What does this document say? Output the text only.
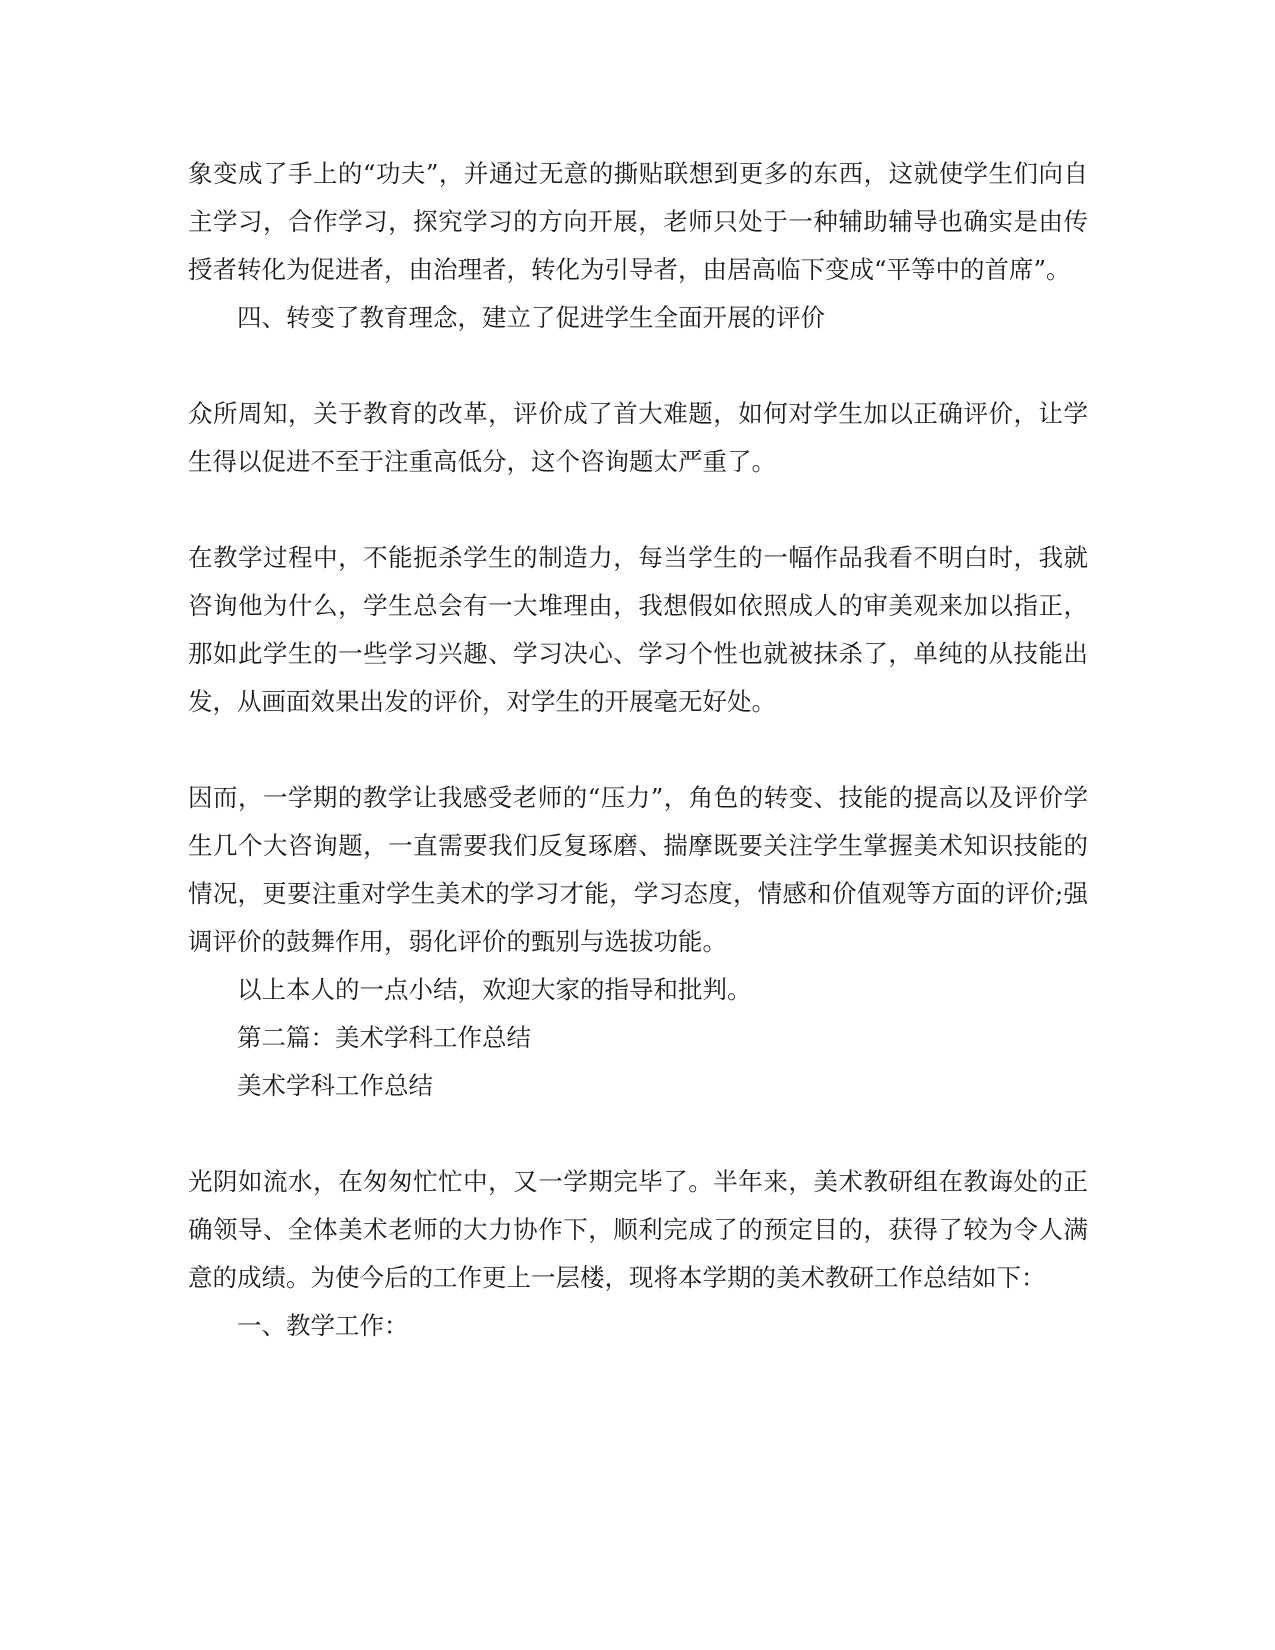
象变成了手上的“功夫”，并通过无意的撕贴联想到更多的东西，这就使学生们向自主学习，合作学习，探究学习的方向开展，老师只处于一种辅助辅导也确实是由传授者转化为促进者，由治理者，转化为引导者，由居高临下变成“平等中的首席”。

四、转变了教育理念，建立了促进学生全面开展的评价

众所周知，关于教育的改革，评价成了首大难题，如何对学生加以正确评价，让学生得以促进不至于注重高低分，这个咨询题太严重了。

在教学过程中，不能扼杀学生的制造力，每当学生的一幅作品我看不明白时，我就咨询他为什么，学生总会有一大堆理由，我想假如依照成人的审美观来加以指正，那如此学生的一些学习兴趣、学习决心、学习个性也就被抹杀了，单纯的从技能出发，从画面效果出发的评价，对学生的开展毫无好处。

因而，一学期的教学让我感受老师的“压力”，角色的转变、技能的提高以及评价学生几个大咨询题，一直需要我们反复琢磨、揣摩既要关注学生掌握美术知识技能的情况，更要注重对学生美术的学习才能，学习态度，情感和价值观等方面的评价;强调评价的鼓舞作用，弱化评价的甄别与选拔功能。

以上本人的一点小结，欢迎大家的指导和批判。

第二篇：美术学科工作总结

美术学科工作总结

光阴如流水，在匆匆忙忙中，又一学期完毕了。半年来，美术教研组在教诲处的正确领导、全体美术老师的大力协作下，顺利完成了的预定目的，获得了较为令人满意的成绩。为使今后的工作更上一层楼，现将本学期的美术教研工作总结如下：

一、教学工作：
